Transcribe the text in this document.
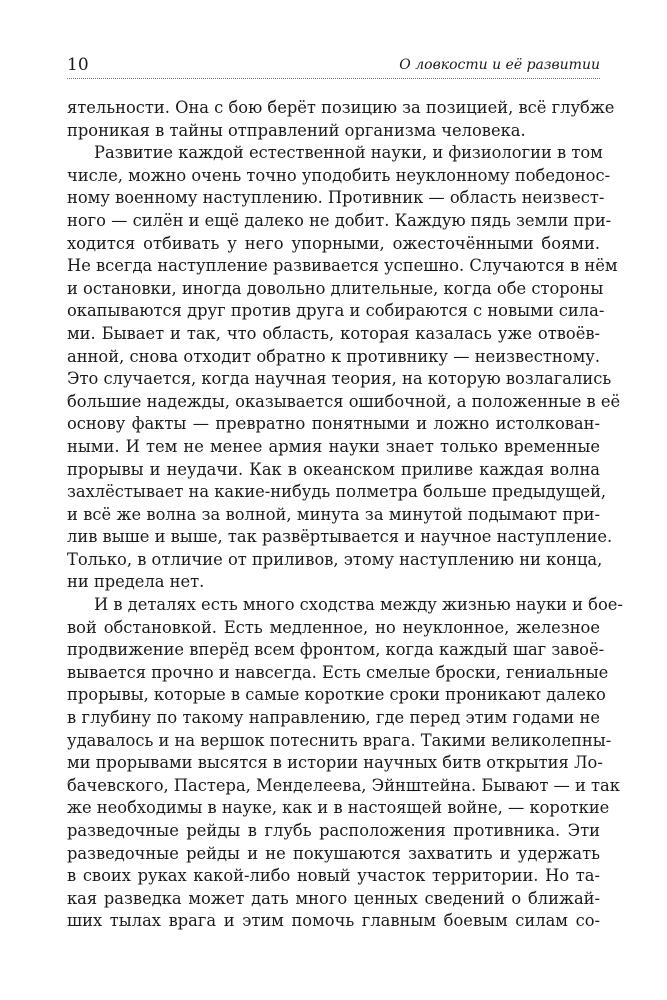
10	О ловкости и её развитии
ятельности. Она с бою берёт позицию за позицией, всё глубже
проникая в тайны отправлений организма человека.
Развитие каждой естественной науки, и физиологии в том
числе, можно очень точно уподобить неуклонному победонос-
ному военному наступлению. Противник — область неизвест-
ного — силён и ещё далеко не добит. Каждую пядь земли при-
ходится отбивать у него упорными, ожесточёнными боями.
Не всегда наступление развивается успешно. Случаются в нём
и остановки, иногда довольно длительные, когда обе стороны
окапываются друг против друга и собираются с новыми сила-
ми. Бывает и так, что область, которая казалась уже отвоёв-
анной, снова отходит обратно к противнику — неизвестному.
Это случается, когда научная теория, на которую возлагались
большие надежды, оказывается ошибочной, а положенные в её
основу факты — превратно понятными и ложно истолкован-
ными. И тем не менее армия науки знает только временные
прорывы и неудачи. Как в океанском приливе каждая волна
захлёстывает на какие-нибудь полметра больше предыдущей,
и всё же волна за волной, минута за минутой подымают при-
лив выше и выше, так развёртывается и научное наступление.
Только, в отличие от приливов, этому наступлению ни конца,
ни предела нет.
И в деталях есть много сходства между жизнью науки и бое-
вой обстановкой. Есть медленное, но неуклонное, железное
продвижение вперёд всем фронтом, когда каждый шаг завоё-
вывается прочно и навсегда. Есть смелые броски, гениальные
прорывы, которые в самые короткие сроки проникают далеко
в глубину по такому направлению, где перед этим годами не
удавалось и на вершок потеснить врага. Такими великолепны-
ми прорывами высятся в истории научных битв открытия Ло-
бачевского, Пастера, Менделеева, Эйнштейна. Бывают — и так
же необходимы в науке, как и в настоящей войне, — короткие
разведочные рейды в глубь расположения противника. Эти
разведочные рейды и не покушаются захватить и удержать
в своих руках какой-либо новый участок территории. Но та-
кая разведка может дать много ценных сведений о ближай-
ших тылах врага и этим помочь главным боевым силам со-
